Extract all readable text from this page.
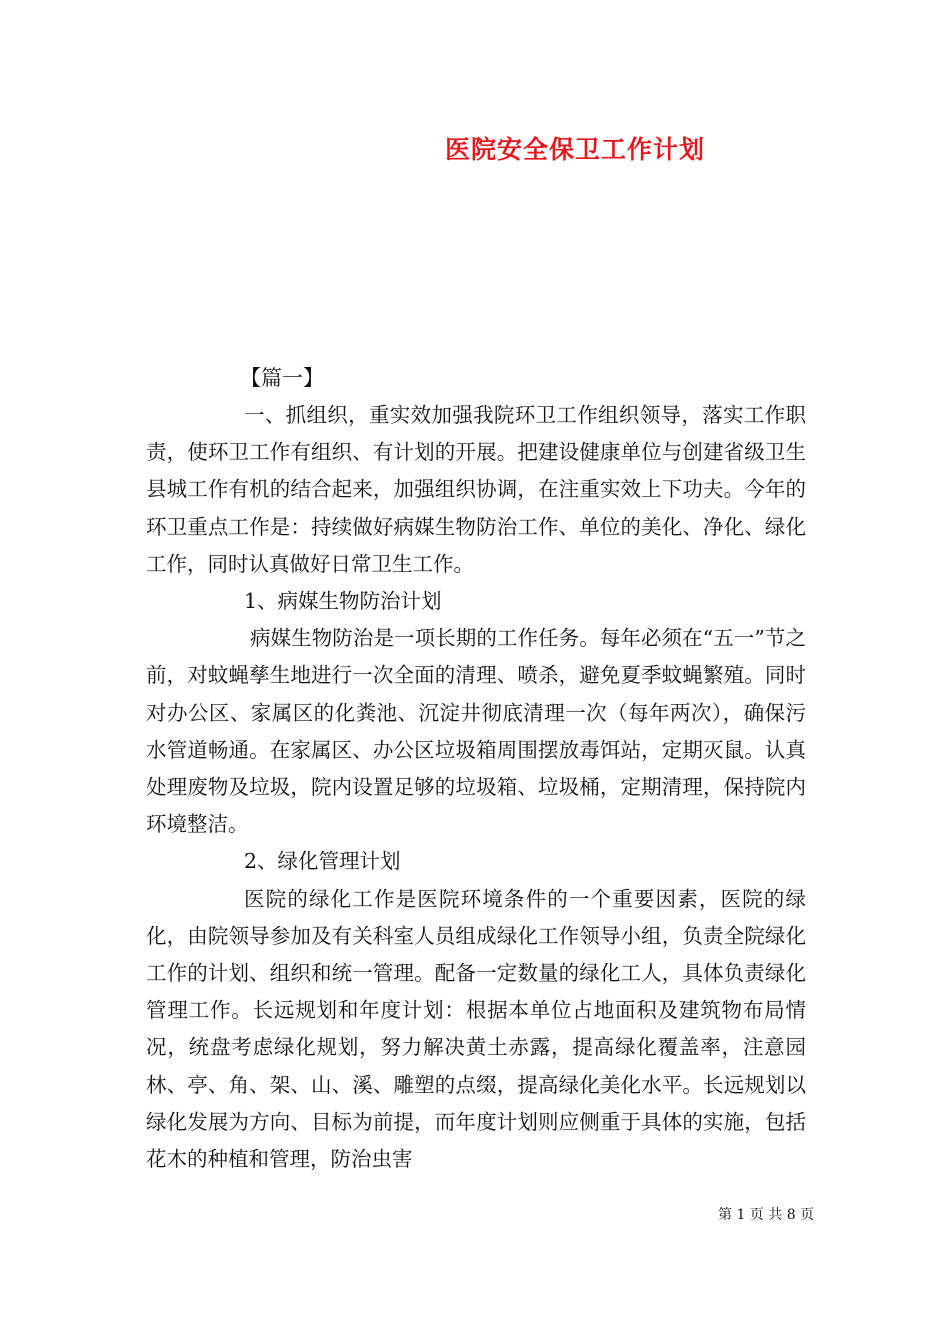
医院安全保卫工作计划
【篇一】

一、抓组织，重实效加强我院环卫工作组织领导，落实工作职责，使环卫工作有组织、有计划的开展。把建设健康单位与创建省级卫生县城工作有机的结合起来，加强组织协调，在注重实效上下功夫。今年的环卫重点工作是：持续做好病媒生物防治工作、单位的美化、净化、绿化工作，同时认真做好日常卫生工作。

1、病媒生物防治计划

病媒生物防治是一项长期的工作任务。每年必须在“五一”节之前，对蚊蝇孳生地进行一次全面的清理、喷杀，避免夏季蚊蝇繁殖。同时对办公区、家属区的化粪池、沉淀井彻底清理一次（每年两次），确保污水管道畅通。在家属区、办公区垃圾箱周围摆放毒饵站，定期灭鼠。认真处理废物及垃圾，院内设置足够的垃圾箱、垃圾桶，定期清理，保持院内环境整洁。

2、绿化管理计划

医院的绿化工作是医院环境条件的一个重要因素，医院的绿化，由院领导参加及有关科室人员组成绿化工作领导小组，负责全院绿化工作的计划、组织和统一管理。配备一定数量的绿化工人，具体负责绿化管理工作。长远规划和年度计划：根据本单位占地面积及建筑物布局情况，统盘考虑绿化规划，努力解决黄土赤露，提高绿化覆盖率，注意园林、亭、角、架、山、溪、雕塑的点缀，提高绿化美化水平。长远规划以绿化发展为方向、目标为前提，而年度计划则应侧重于具体的实施，包括花木的种植和管理，防治虫害

第 1 页 共 8 页
